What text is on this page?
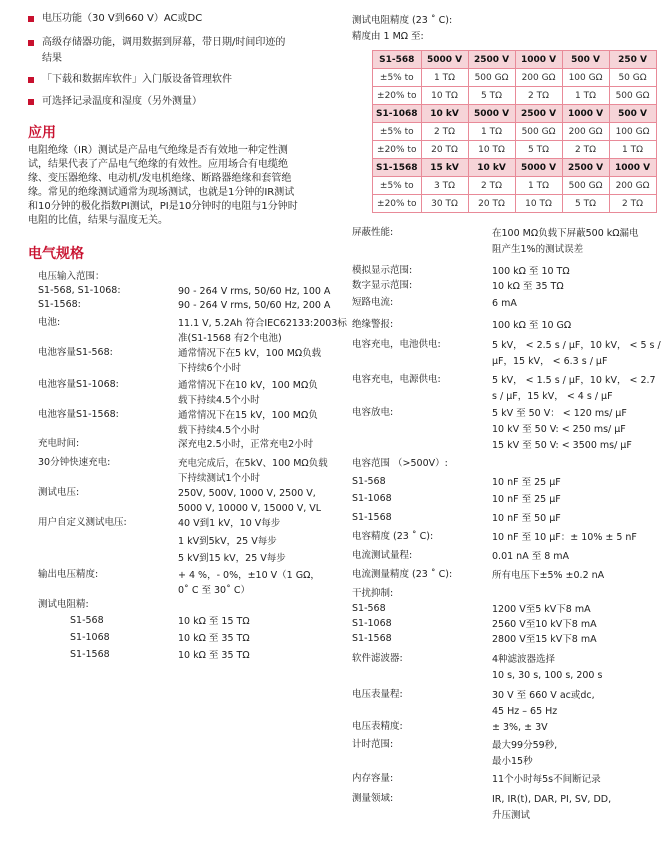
电压功能（30 V到660 V）AC或DC
高级存储器功能，调用数据到屏幕，带日期/时间印迹的
结果
「下载和数据库软件」入门版设备管理软件
可选择记录温度和湿度（另外测量）
应用
电阻绝缘（IR）测试是产品电气绝缘是否有效地一种定性测
试，结果代表了产品电气绝缘的有效性。应用场合有电缆绝
缘、变压器绝缘、电动机/发电机绝缘、断路器绝缘和套管绝
缘。常见的绝缘测试通常为现场测试，也就是1分钟的IR测试
和10分钟的极化指数PI测试，PI是10分钟时的电阻与1分钟时
电阻的比值，结果与温度无关。
电气规格
电压输入范围：
S1-568, S1-1068:	90 - 264 V rms, 50/60 Hz, 100 A
S1-1568:	90 - 264 V rms, 50/60 Hz, 200 A
电池:	11.1 V, 5.2Ah 符合IEC62133:2003标
准(S1-1568 有2个电池)
电池容量S1-568:	通常情况下在5 kV，100 MΩ负载
下持续6个小时
电池容量S1-1068:	通常情况下在10 kV，100 MΩ负
载下持续4.5个小时
电池容量S1-1568:	通常情况下在15 kV，100 MΩ负
载下持续4.5个小时
充电时间:	深充电2.5小时，正常充电2小时
30分钟快速充电:	充电完成后，在5kV、100 MΩ负载
下持续测试1个小时
测试电压:	250V, 500V, 1000 V, 2500 V,
5000 V, 10000 V, 15000 V, VL
用户自定义测试电压:	40 V到1 kV，10 V每步
1 kV到5kV，25 V每步
5 kV到15 kV，25 V每步
输出电压精度:	+ 4 %，- 0%，±10 V（1 GΩ，
0˚ C 至 30˚ C）
测试电阻精:
S1-568	10 kΩ 至 15 TΩ
S1-1068	10 kΩ 至 35 TΩ
S1-1568	10 kΩ 至 35 TΩ
测试电阻精度 (23 ˚ C):
精度由 1 MΩ 至:
S1-568	5000 V	2500 V	1000 V	500 V	250 V
±5% to	1 TΩ	500 GΩ	200 GΩ	100 GΩ	50 GΩ
±20% to	10 TΩ	5 TΩ	2 TΩ	1 TΩ	500 GΩ
S1-1068	10 kV	5000 V	2500 V	1000 V	500 V
±5% to	2 TΩ	1 TΩ	500 GΩ	200 GΩ	100 GΩ
±20% to	20 TΩ	10 TΩ	5 TΩ	2 TΩ	1 TΩ
S1-1568	15 kV	10 kV	5000 V	2500 V	1000 V
±5% to	3 TΩ	2 TΩ	1 TΩ	500 GΩ	200 GΩ
±20% to	30 TΩ	20 TΩ	10 TΩ	5 TΩ	2 TΩ
屏蔽性能:	在100 MΩ负载下屏蔽500 kΩ漏电
阻产生1%的测试误差
模拟显示范围:	100 kΩ 至 10 TΩ
数字显示范围:	10 kΩ 至 35 TΩ
短路电流:	6 mA
绝缘警报:	100 kΩ 至 10 GΩ
电容充电，电池供电:	5 kV， < 2.5 s / μF，10 kV， < 5 s /
μF，15 kV， < 6.3 s / μF
电容充电，电源供电:	5 kV， < 1.5 s / μF，10 kV， < 2.7
s / μF，15 kV， < 4 s / μF
电容放电:	5 kV 至 50 V： < 120 ms/ μF
10 kV 至 50 V: < 250 ms/ μF
15 kV 至 50 V: < 3500 ms/ μF
电容范围 （>500V）:
S1-568	10 nF 至 25 μF
S1-1068	10 nF 至 25 μF
S1-1568	10 nF 至 50 μF
电容精度 (23 ˚ C):	10 nF 至 10 μF：± 10% ± 5 nF
电流测试量程:	0.01 nA 至 8 mA
电流测量精度 (23 ˚ C):	所有电压下±5% ±0.2 nA
干扰抑制:
S1-568	1200 V至5 kV下8 mA
S1-1068	2560 V至10 kV下8 mA
S1-1568	2800 V至15 kV下8 mA
软件滤波器:	4种滤波器选择
10 s, 30 s, 100 s, 200 s
电压表量程:	30 V 至 660 V ac或dc,
45 Hz – 65 Hz
电压表精度:	± 3%, ± 3V
计时范围:	最大99分59秒,
最小15秒
内存容量:	11个小时每5s不间断记录
测量领域:	IR, IR(t), DAR, PI, SV, DD,
升压测试
